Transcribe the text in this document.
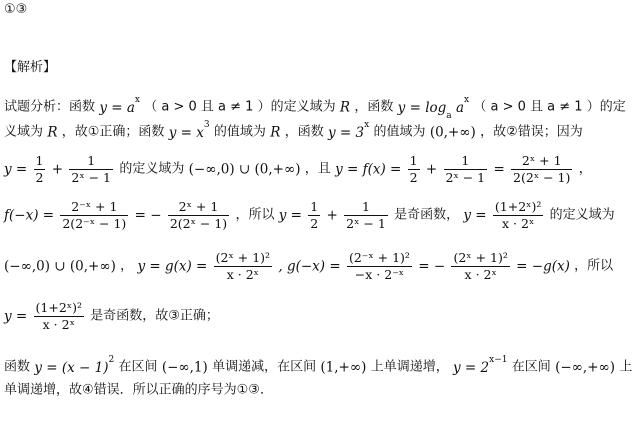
①③
【解析】
试题分析：函数 $y = a^x$ （ a > 0 且 a ≠ 1 ）的定义域为 R ，函数 $y = \log_a a^x$ （ a > 0 且 a ≠ 1 ）的定
义域为 R ，故①正确；函数 $y = x^3$ 的值域为 R ，函数 $y = 3^x$ 的值域为 (0,+∞) ，故②错误；因为
$y = \frac{1}{2} + \frac{1}{\text{2ˣ − 1}}$ 的定义域为 (−∞,0) ∪ (0,+∞) ，且 $y = f(x) = \frac{1}{2} + \frac{1}{\text{2ˣ − 1}} = \frac{\text{2ˣ + 1}}{\text{2(2ˣ − 1)}}$ ，
$f(-x) = \frac{\text{2⁻ˣ + 1}}{\text{2(2⁻ˣ − 1)}}$ = − $\frac{\text{2ˣ + 1}}{\text{2(2ˣ − 1)}}$ ，所以 $y = \frac{1}{2} + \frac{1}{\text{2ˣ − 1}}$ 是奇函数， $y = \frac{\text{(1+2ˣ)²}}{\text{x · 2ˣ}}$ 的定义域为
(−∞,0) ∪ (0,+∞) ， $y = g(x) = \frac{\text{(2ˣ + 1)²}}{\text{x · 2ˣ}}$ , $g(-x) = \frac{\text{(2⁻ˣ + 1)²}}{\text{−x · 2⁻ˣ}}$ = − $\frac{\text{(2ˣ + 1)²}}{\text{x · 2ˣ}} = -g(x)$ ，所以
$y = \frac{\text{(1+2ˣ)²}}{\text{x · 2ˣ}}$ 是奇函数，故③正确；
函数 $y = (x - 1)^2$ 在区间 (−∞,1) 单调递减，在区间 (1,+∞) 上单调递增， $y = 2^{x-1}$ 在区间 (−∞,+∞) 上
单调递增，故④错误．所以正确的序号为①③．
